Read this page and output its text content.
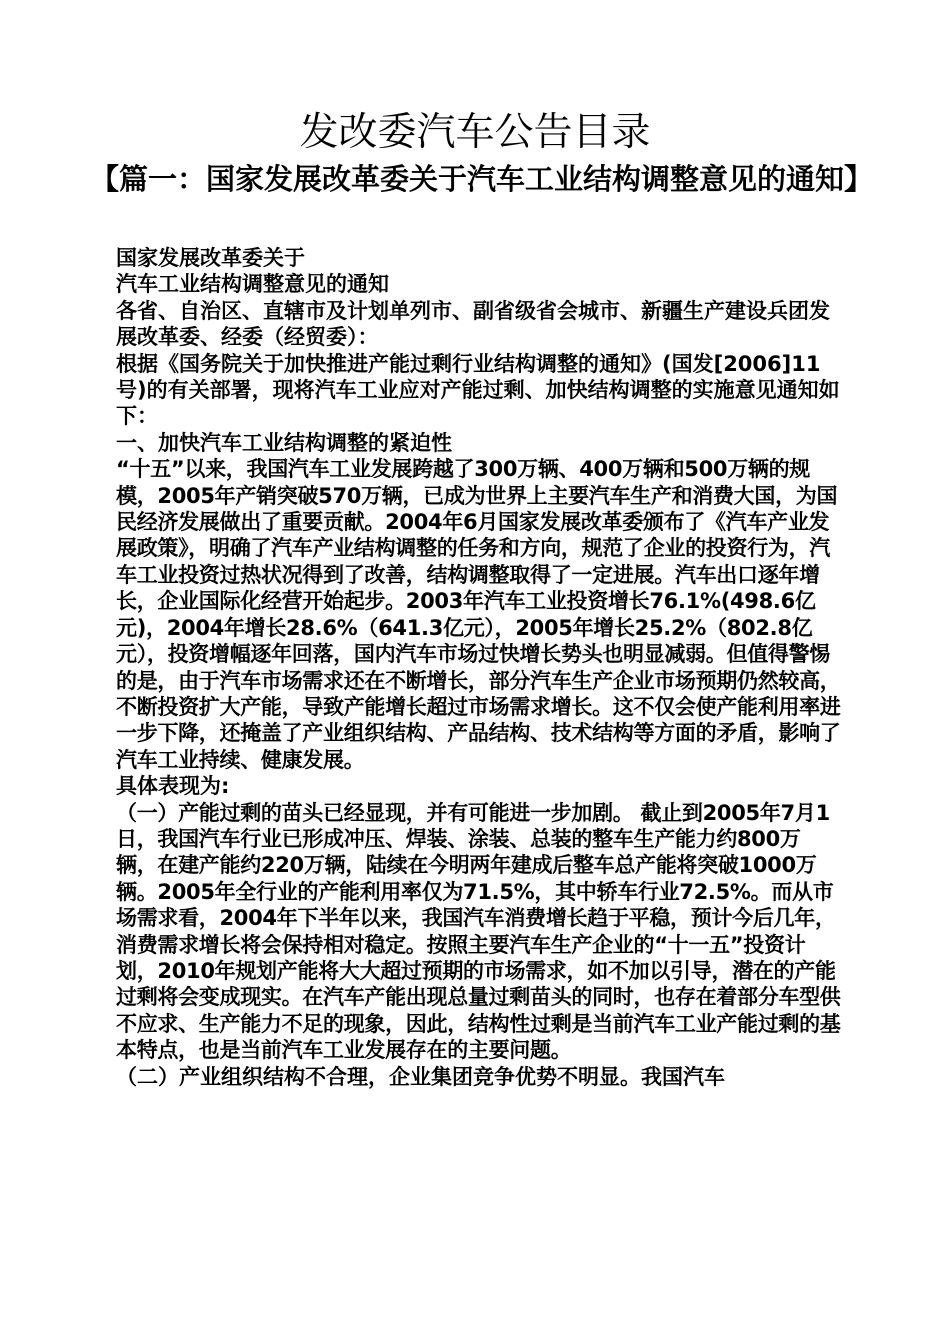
发改委汽车公告目录
【篇一：国家发展改革委关于汽车工业结构调整意见的通知】

国家发展改革委关于

汽车工业结构调整意见的通知

各省、自治区、直辖市及计划单列市、副省级省会城市、新疆生产建设兵团发展改革委、经委（经贸委）：

根据《国务院关于加快推进产能过剩行业结构调整的通知》(国发[2006]11号)的有关部署，现将汽车工业应对产能过剩、加快结构调整的实施意见通知如下：

一、加快汽车工业结构调整的紧迫性

“十五”以来，我国汽车工业发展跨越了300万辆、400万辆和500万辆的规模，2005年产销突破570万辆，已成为世界上主要汽车生产和消费大国，为国民经济发展做出了重要贡献。2004年6月国家发展改革委颁布了《汽车产业发展政策》，明确了汽车产业结构调整的任务和方向，规范了企业的投资行为，汽车工业投资过热状况得到了改善，结构调整取得了一定进展。汽车出口逐年增长，企业国际化经营开始起步。2003年汽车工业投资增长76.1%(498.6亿元)，2004年增长28.6%（641.3亿元），2005年增长25.2%（802.8亿元），投资增幅逐年回落，国内汽车市场过快增长势头也明显减弱。但值得警惕的是，由于汽车市场需求还在不断增长，部分汽车生产企业市场预期仍然较高，不断投资扩大产能，导致产能增长超过市场需求增长。这不仅会使产能利用率进一步下降，还掩盖了产业组织结构、产品结构、技术结构等方面的矛盾，影响了汽车工业持续、健康发展。

具体表现为:

（一）产能过剩的苗头已经显现，并有可能进一步加剧。 截止到2005年7月1日，我国汽车行业已形成冲压、焊装、涂装、总装的整车生产能力约800万辆，在建产能约220万辆，陆续在今明两年建成后整车总产能将突破1000万辆。2005年全行业的产能利用率仅为71.5%，其中轿车行业72.5%。而从市场需求看，2004年下半年以来，我国汽车消费增长趋于平稳，预计今后几年，消费需求增长将会保持相对稳定。按照主要汽车生产企业的“十一五”投资计划，2010年规划产能将大大超过预期的市场需求，如不加以引导，潜在的产能过剩将会变成现实。在汽车产能出现总量过剩苗头的同时，也存在着部分车型供不应求、生产能力不足的现象，因此，结构性过剩是当前汽车工业产能过剩的基本特点，也是当前汽车工业发展存在的主要问题。

（二）产业组织结构不合理，企业集团竞争优势不明显。我国汽车
